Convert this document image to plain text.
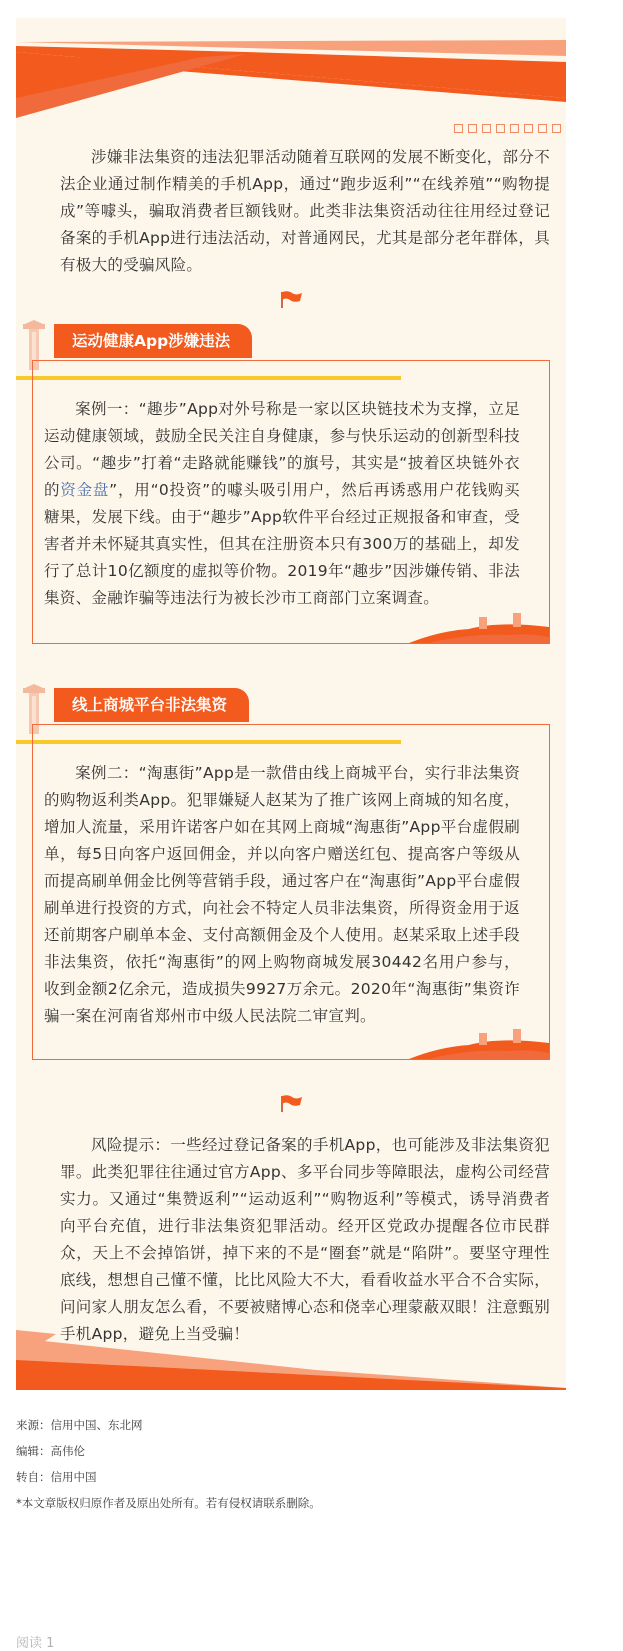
涉嫌非法集资的违法犯罪活动随着互联网的发展不断变化，部分不法企业通过制作精美的手机App，通过“跑步返利”“在线养殖”“购物提成”等噱头，骗取消费者巨额钱财。此类非法集资活动往往用经过登记备案的手机App进行违法活动，对普通网民，尤其是部分老年群体，具有极大的受骗风险。
运动健康App涉嫌违法
案例一：“趣步”App对外号称是一家以区块链技术为支撑，立足运动健康领域，鼓励全民关注自身健康，参与快乐运动的创新型科技公司。“趣步”打着“走路就能赚钱”的旗号，其实是“披着区块链外衣的资金盘”，用“0投资”的噱头吸引用户，然后再诱惑用户花钱购买糖果，发展下线。由于“趣步”App软件平台经过正规报备和审查，受害者并未怀疑其真实性，但其在注册资本只有300万的基础上，却发行了总计10亿额度的虚拟等价物。2019年“趣步”因涉嫌传销、非法集资、金融诈骗等违法行为被长沙市工商部门立案调查。
线上商城平台非法集资
案例二：“淘惠街”App是一款借由线上商城平台，实行非法集资的购物返利类App。犯罪嫌疑人赵某为了推广该网上商城的知名度，增加人流量，采用许诺客户如在其网上商城“淘惠街”App平台虚假刷单，每5日向客户返回佣金，并以向客户赠送红包、提高客户等级从而提高刷单佣金比例等营销手段，通过客户在“淘惠街”App平台虚假刷单进行投资的方式，向社会不特定人员非法集资，所得资金用于返还前期客户刷单本金、支付高额佣金及个人使用。赵某采取上述手段非法集资，依托“淘惠街”的网上购物商城发展30442名用户参与，收到金额2亿余元，造成损失9927万余元。2020年“淘惠街”集资诈骗一案在河南省郑州市中级人民法院二审宣判。
风险提示：一些经过登记备案的手机App，也可能涉及非法集资犯罪。此类犯罪往往通过官方App、多平台同步等障眼法，虚构公司经营实力。又通过“集赞返利”“运动返利”“购物返利”等模式，诱导消费者向平台充值，进行非法集资犯罪活动。经开区党政办提醒各位市民群众，天上不会掉馅饼，掉下来的不是“圈套”就是“陷阱”。要坚守理性底线，想想自己懂不懂，比比风险大不大，看看收益水平合不合实际，问问家人朋友怎么看，不要被赌博心态和侥幸心理蒙蔽双眼！注意甄别手机App，避免上当受骗！
来源：信用中国、东北网
编辑：高伟伦
转自：信用中国
*本文章版权归原作者及原出处所有。若有侵权请联系删除。
阅读 1
